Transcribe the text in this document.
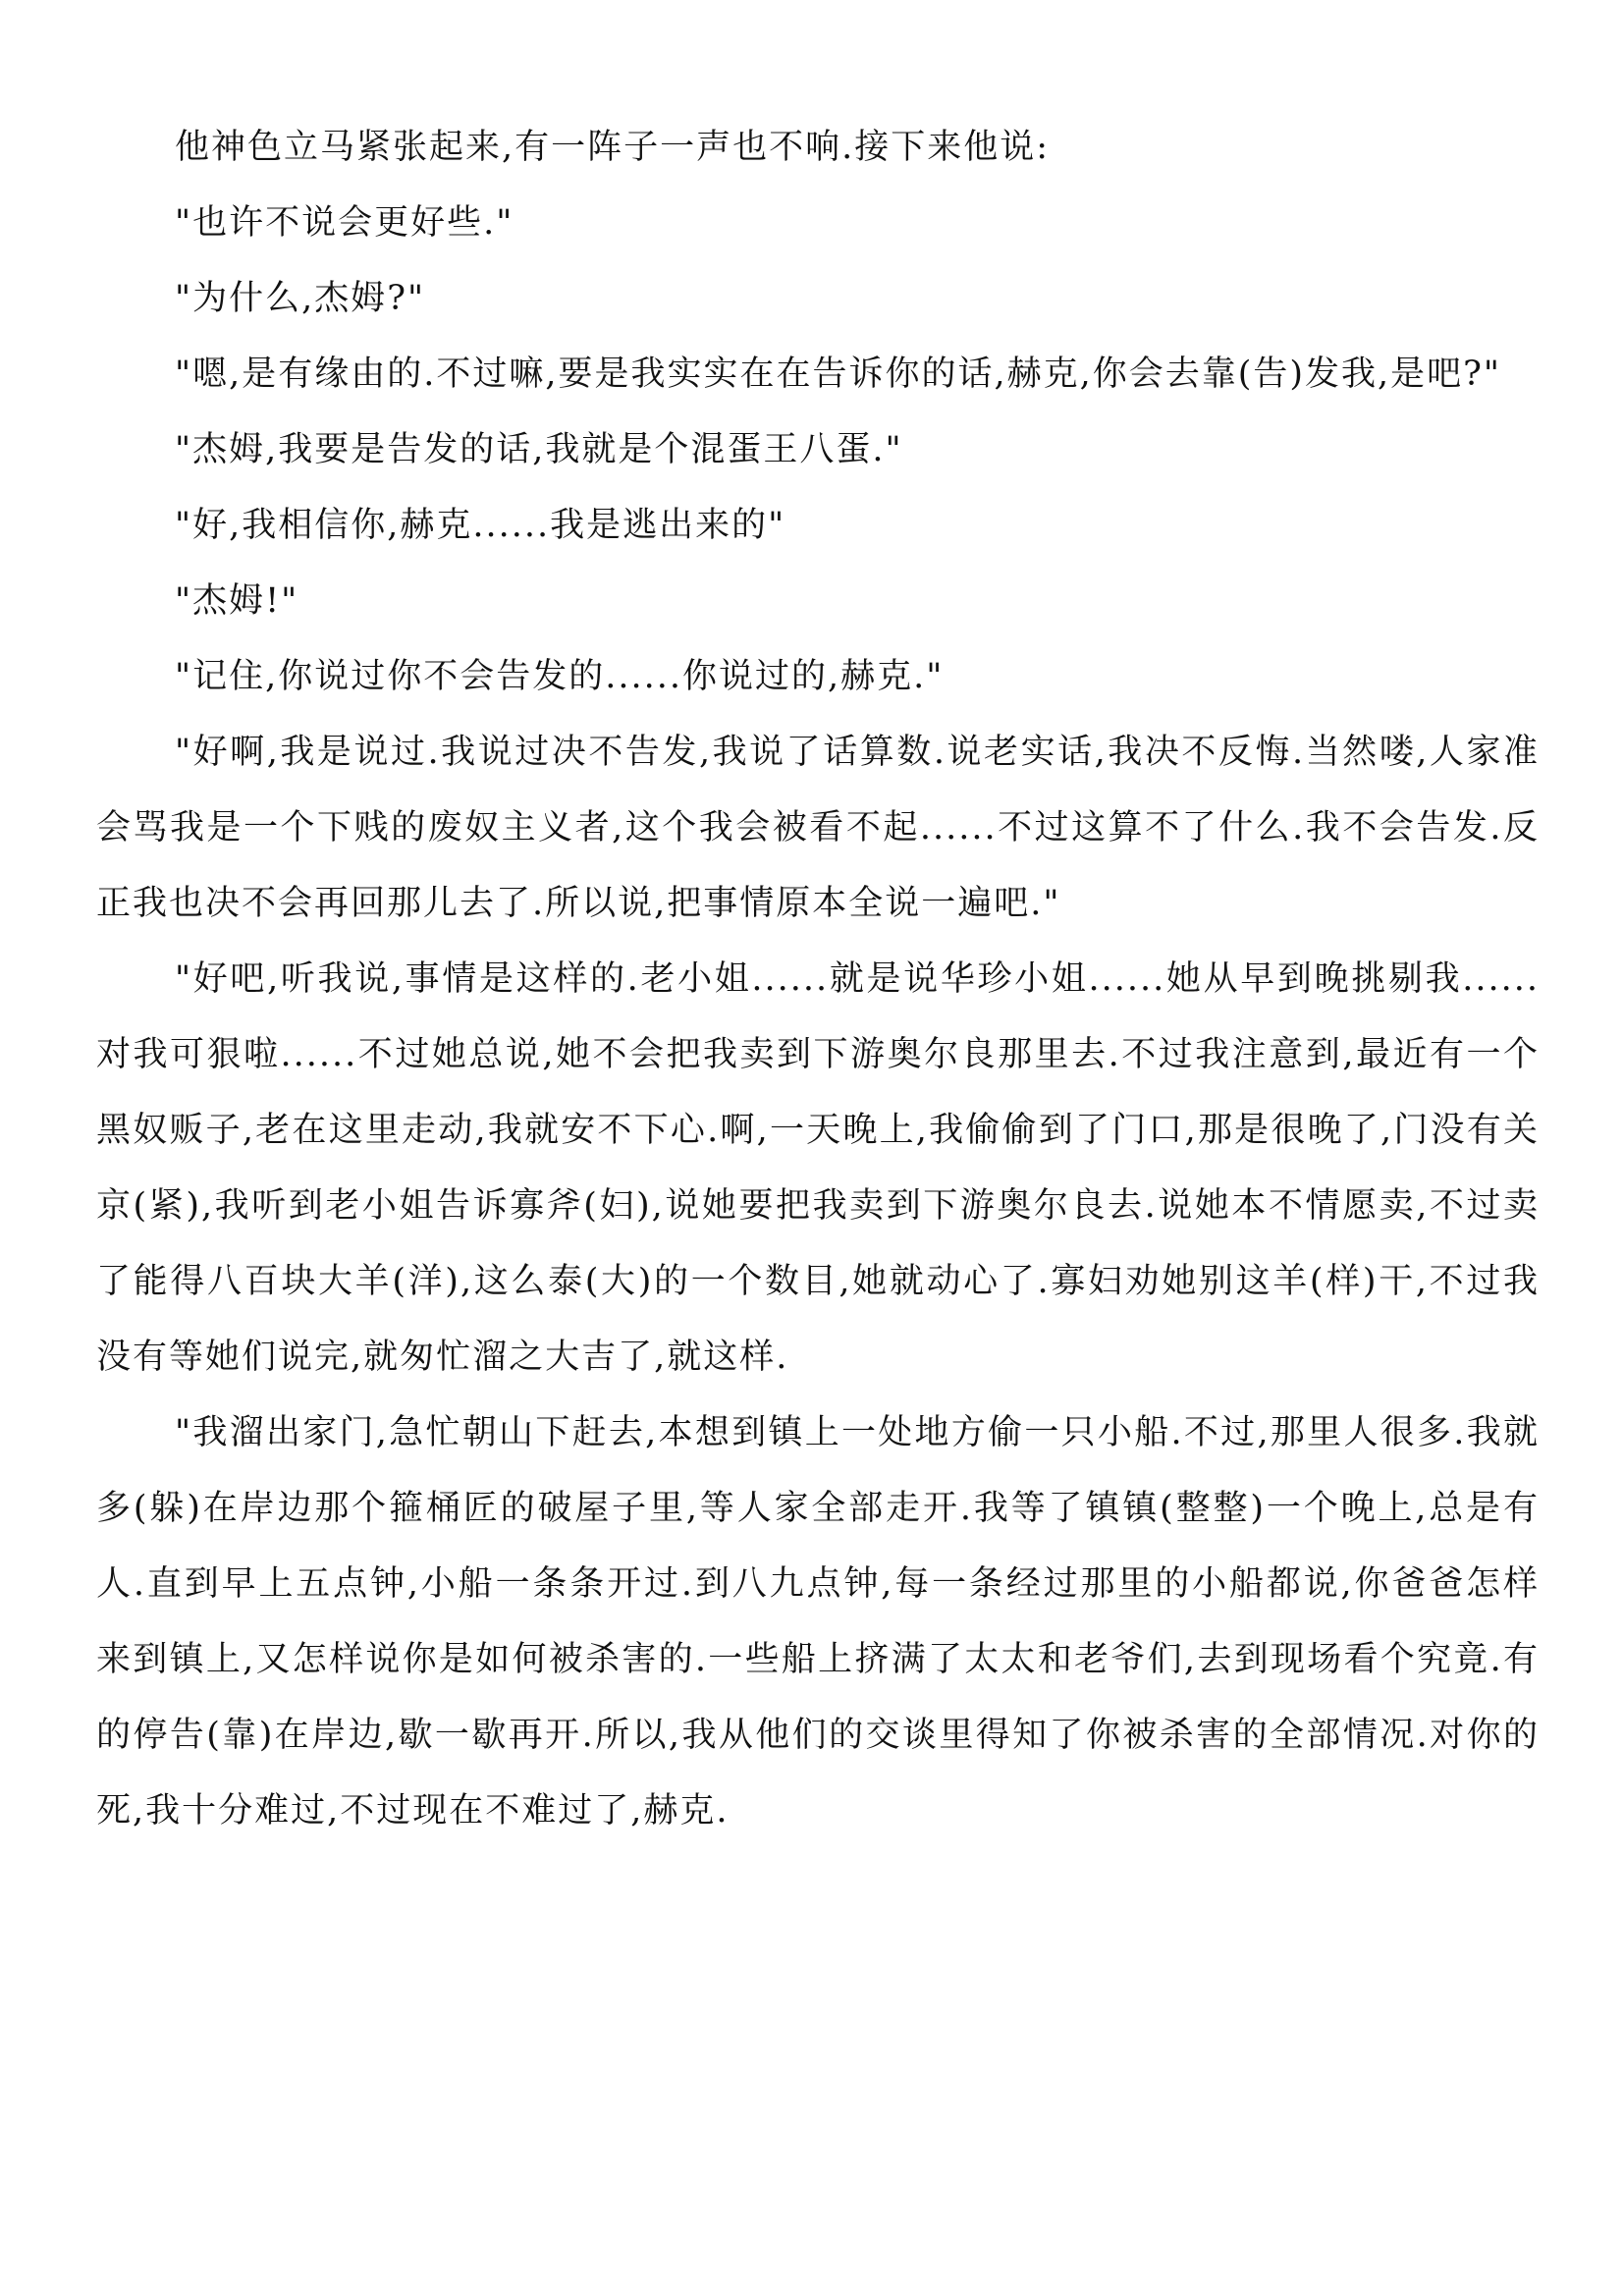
他神色立马紧张起来,有一阵子一声也不响.接下来他说:

"也许不说会更好些."

"为什么,杰姆?"

"嗯,是有缘由的.不过嘛,要是我实实在在告诉你的话,赫克,你会去靠(告)发我,是吧?"

"杰姆,我要是告发的话,我就是个混蛋王八蛋."

"好,我相信你,赫克......我是逃出来的"

"杰姆!"

"记住,你说过你不会告发的......你说过的,赫克."

"好啊,我是说过.我说过决不告发,我说了话算数.说老实话,我决不反悔.当然喽,人家准会骂我是一个下贱的废奴主义者,这个我会被看不起......不过这算不了什么.我不会告发.反正我也决不会再回那儿去了.所以说,把事情原本全说一遍吧."

"好吧,听我说,事情是这样的.老小姐......就是说华珍小姐......她从早到晚挑剔我......对我可狠啦......不过她总说,她不会把我卖到下游奥尔良那里去.不过我注意到,最近有一个黑奴贩子,老在这里走动,我就安不下心.啊,一天晚上,我偷偷到了门口,那是很晚了,门没有关京(紧),我听到老小姐告诉寡斧(妇),说她要把我卖到下游奥尔良去.说她本不情愿卖,不过卖了能得八百块大羊(洋),这么泰(大)的一个数目,她就动心了.寡妇劝她别这羊(样)干,不过我没有等她们说完,就匆忙溜之大吉了,就这样.

"我溜出家门,急忙朝山下赶去,本想到镇上一处地方偷一只小船.不过,那里人很多.我就多(躲)在岸边那个箍桶匠的破屋子里,等人家全部走开.我等了镇镇(整整)一个晚上,总是有人.直到早上五点钟,小船一条条开过.到八九点钟,每一条经过那里的小船都说,你爸爸怎样来到镇上,又怎样说你是如何被杀害的.一些船上挤满了太太和老爷们,去到现场看个究竟.有的停告(靠)在岸边,歇一歇再开.所以,我从他们的交谈里得知了你被杀害的全部情况.对你的死,我十分难过,不过现在不难过了,赫克.
